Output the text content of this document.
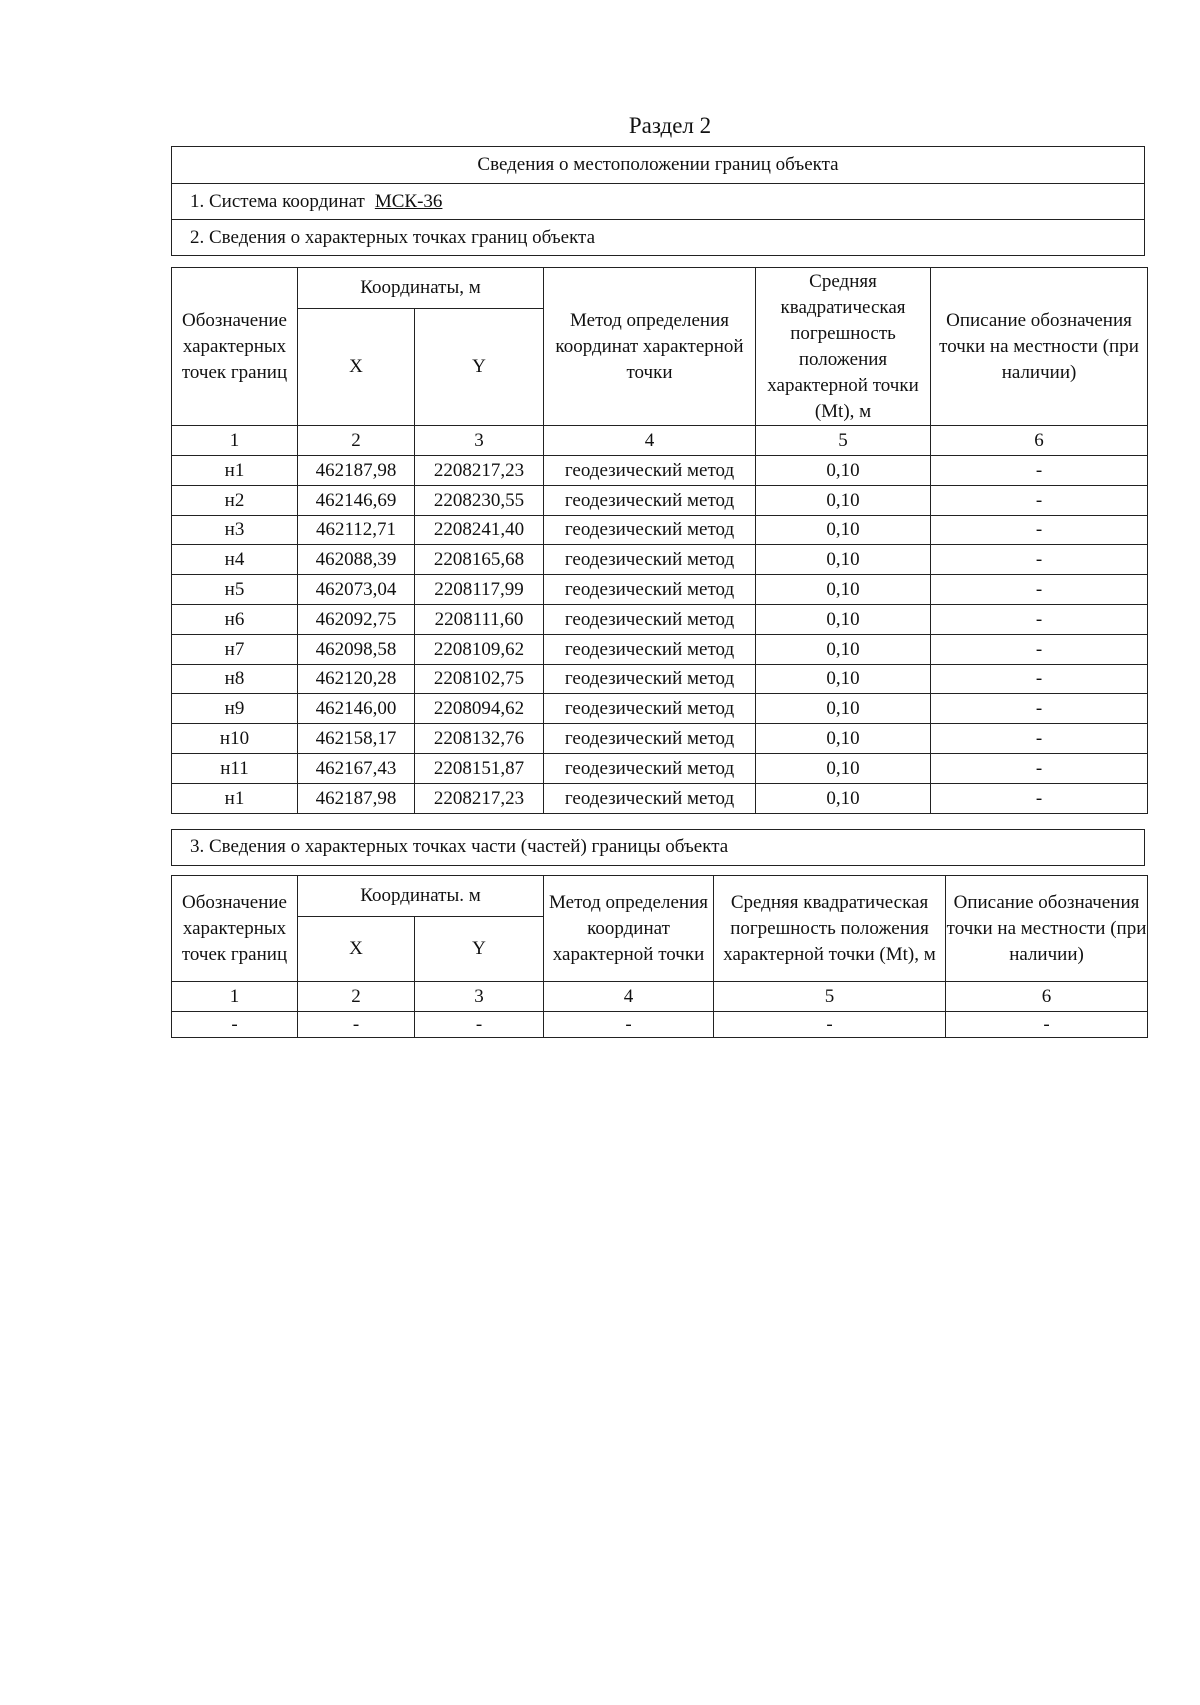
Раздел 2
Сведения о местоположении границ объекта
1. Система координат МСК-36
2. Сведения о характерных точках границ объекта
Обозначение характерных точек границ	Координаты, м		Метод определения координат характерной точки	Средняя квадратическая погрешность положения характерной точки (Mt), м	Описание обозначения точки на местности (при наличии)
	X	Y			
1	2	3	4	5	6
н1	462187,98	2208217,23	геодезический метод	0,10	-
н2	462146,69	2208230,55	геодезический метод	0,10	-
н3	462112,71	2208241,40	геодезический метод	0,10	-
н4	462088,39	2208165,68	геодезический метод	0,10	-
н5	462073,04	2208117,99	геодезический метод	0,10	-
н6	462092,75	2208111,60	геодезический метод	0,10	-
н7	462098,58	2208109,62	геодезический метод	0,10	-
н8	462120,28	2208102,75	геодезический метод	0,10	-
н9	462146,00	2208094,62	геодезический метод	0,10	-
н10	462158,17	2208132,76	геодезический метод	0,10	-
н11	462167,43	2208151,87	геодезический метод	0,10	-
н1	462187,98	2208217,23	геодезический метод	0,10	-
3. Сведения о характерных точках части (частей) границы объекта
Обозначение характерных точек границ	Координаты. м		Метод определения координат характерной точки	Средняя квадратическая погрешность положения характерной точки (Mt), м	Описание обозначения точки на местности (при наличии)
	X	Y			
1	2	3	4	5	6
-	-	-	-	-	-
